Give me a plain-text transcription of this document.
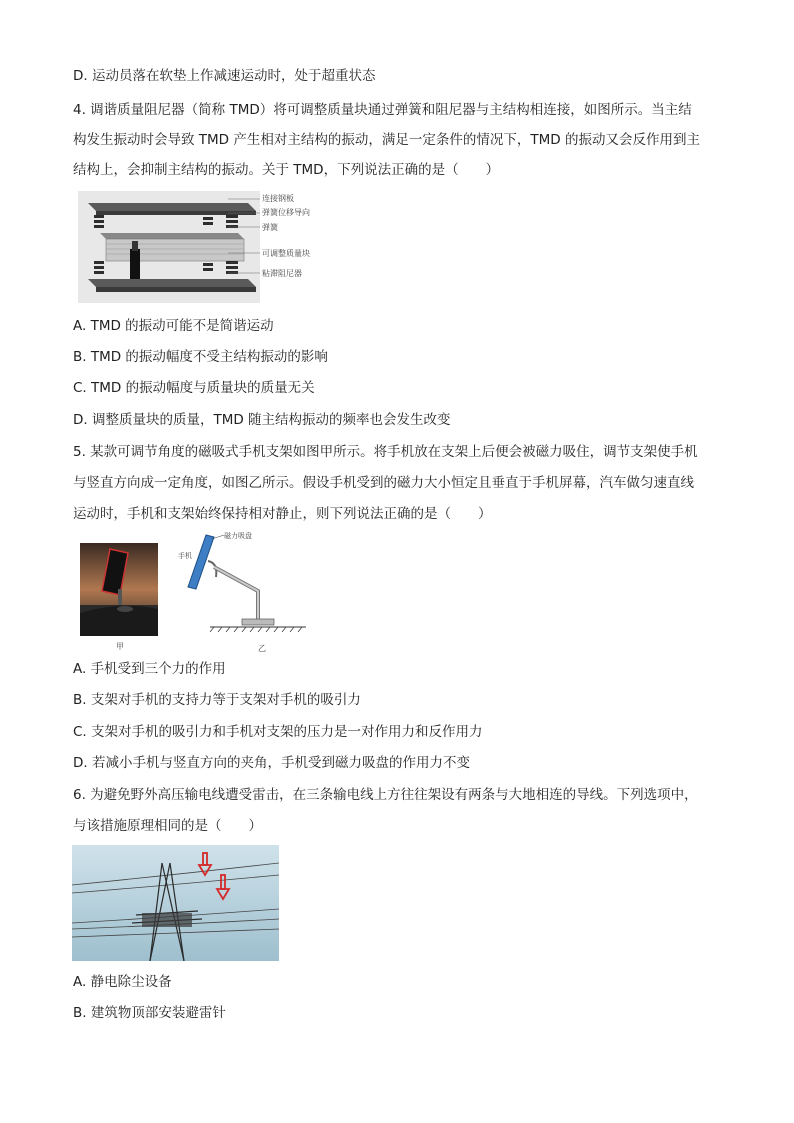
D. 运动员落在软垫上作减速运动时，处于超重状态
4. 调谐质量阻尼器（简称 TMD）将可调整质量块通过弹簧和阻尼器与主结构相连接，如图所示。当主结
构发生振动时会导致 TMD 产生相对主结构的振动，满足一定条件的情况下，TMD 的振动又会反作用到主
结构上，会抑制主结构的振动。关于 TMD，下列说法正确的是（　　）
连接钢板
弹簧位移导向
弹簧
可调整质量块
粘滞阻尼器
A. TMD 的振动可能不是简谐运动
B. TMD 的振动幅度不受主结构振动的影响
C. TMD 的振动幅度与质量块的质量无关
D. 调整质量块的质量，TMD 随主结构振动的频率也会发生改变
5. 某款可调节角度的磁吸式手机支架如图甲所示。将手机放在支架上后便会被磁力吸住，调节支架使手机
与竖直方向成一定角度，如图乙所示。假设手机受到的磁力大小恒定且垂直于手机屏幕，汽车做匀速直线
运动时，手机和支架始终保持相对静止，则下列说法正确的是（　　）
甲
手机
磁力吸盘
乙
A. 手机受到三个力的作用
B. 支架对手机的支持力等于支架对手机的吸引力
C. 支架对手机的吸引力和手机对支架的压力是一对作用力和反作用力
D. 若减小手机与竖直方向的夹角，手机受到磁力吸盘的作用力不变
6. 为避免野外高压输电线遭受雷击，在三条输电线上方往往架设有两条与大地相连的导线。下列选项中，
与该措施原理相同的是（　　）
A. 静电除尘设备
B. 建筑物顶部安装避雷针
